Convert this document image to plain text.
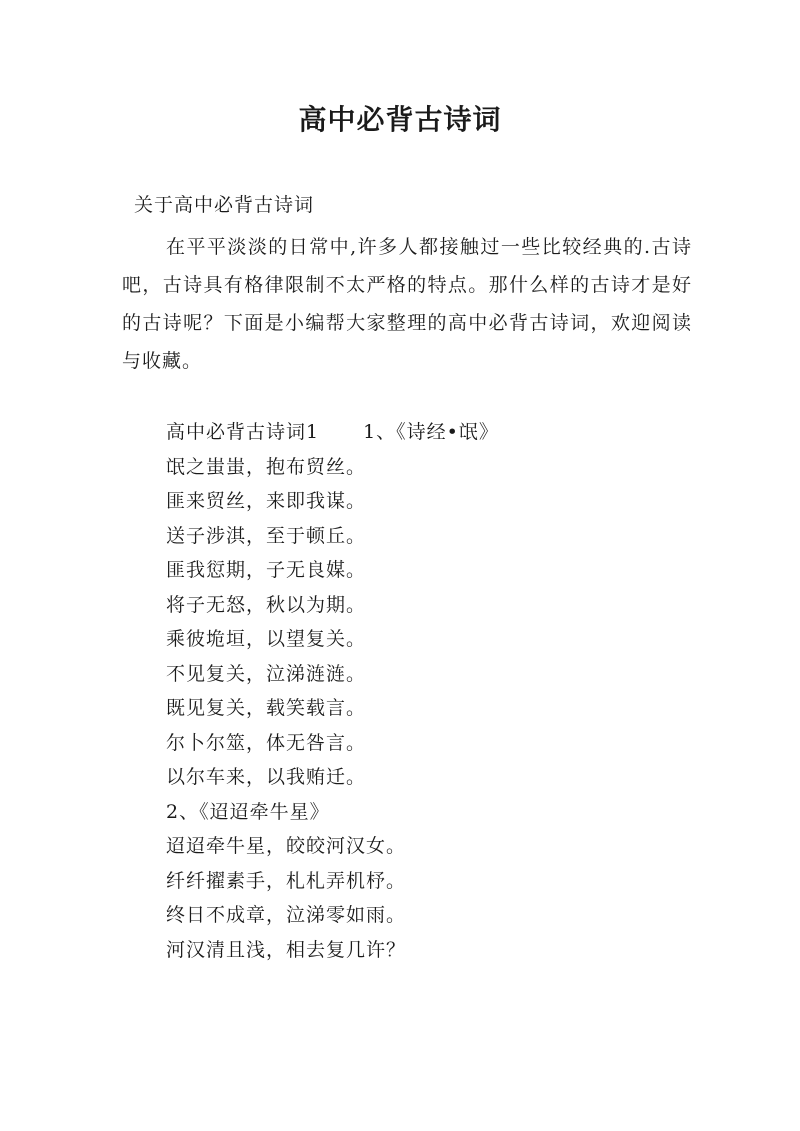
高中必背古诗词
关于高中必背古诗词
在平平淡淡的日常中,许多人都接触过一些比较经典的.古诗吧，古诗具有格律限制不太严格的特点。那什么样的古诗才是好的古诗呢？下面是小编帮大家整理的高中必背古诗词，欢迎阅读与收藏。
高中必背古诗词1 1、《诗经•氓》
氓之蚩蚩，抱布贸丝。
匪来贸丝，来即我谋。
送子涉淇，至于顿丘。
匪我愆期，子无良媒。
将子无怒，秋以为期。
乘彼垝垣，以望复关。
不见复关，泣涕涟涟。
既见复关，载笑载言。
尔卜尔筮，体无咎言。
以尔车来，以我贿迁。
2、《迢迢牵牛星》
迢迢牵牛星，皎皎河汉女。
纤纤擢素手，札札弄机杼。
终日不成章，泣涕零如雨。
河汉清且浅，相去复几许？
